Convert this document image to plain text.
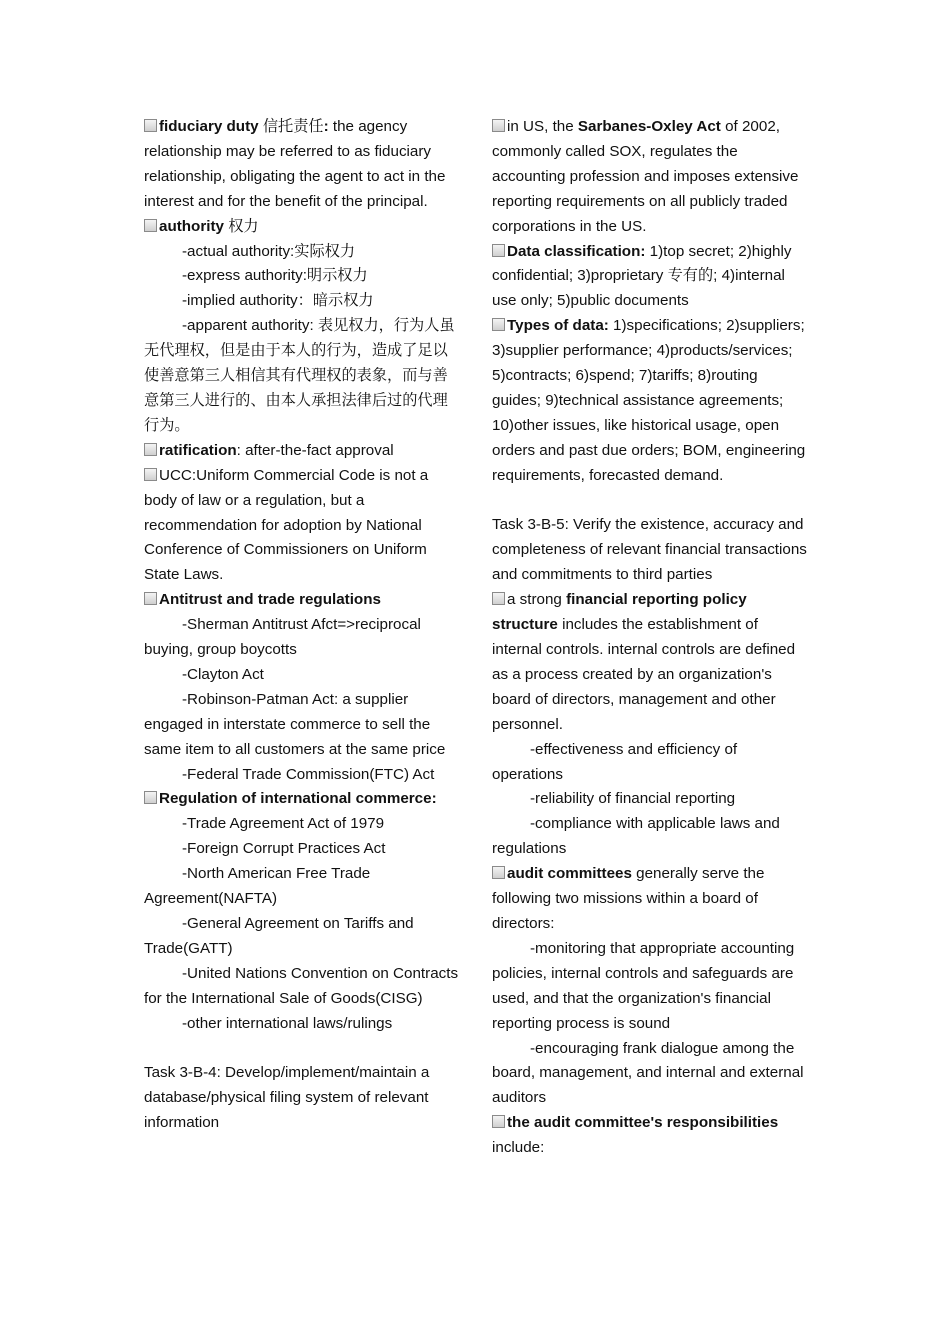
fiduciary duty 信托责任: the agency relationship may be referred to as fiduciary relationship, obligating the agent to act in the interest and for the benefit of the principal.

authority 权力

-actual authority:实际权力

-express authority:明示权力

-implied authority：暗示权力

-apparent authority: 表见权力，行为人虽无代理权，但是由于本人的行为，造成了足以使善意第三人相信其有代理权的表象，而与善意第三人进行的、由本人承担法律后过的代理行为。

ratification: after-the-fact approval

UCC:Uniform Commercial Code is not a body of law or a regulation, but a recommendation for adoption by National Conference of Commissioners on Uniform State Laws.

Antitrust and trade regulations

-Sherman Antitrust Afct=>reciprocal buying, group boycotts

-Clayton Act

-Robinson-Patman Act: a supplier engaged in interstate commerce to sell the same item to all customers at the same price

-Federal Trade Commission(FTC) Act

Regulation of international commerce:

-Trade Agreement Act of 1979

-Foreign Corrupt Practices Act

-North American Free Trade Agreement(NAFTA)

-General Agreement on Tariffs and Trade(GATT)

-United Nations Convention on Contracts for the International Sale of Goods(CISG)

-other international laws/rulings

Task 3-B-4: Develop/implement/maintain a database/physical filing system of relevant information

in US, the Sarbanes-Oxley Act of 2002, commonly called SOX, regulates the accounting profession and imposes extensive reporting requirements on all publicly traded corporations in the US.

Data classification: 1)top secret; 2)highly confidential; 3)proprietary 专有的; 4)internal use only; 5)public documents

Types of data: 1)specifications; 2)suppliers; 3)supplier performance; 4)products/services; 5)contracts; 6)spend; 7)tariffs; 8)routing guides; 9)technical assistance agreements; 10)other issues, like historical usage, open orders and past due orders; BOM, engineering requirements, forecasted demand.

Task 3-B-5: Verify the existence, accuracy and completeness of relevant financial transactions and commitments to third parties

a strong financial reporting policy structure includes the establishment of internal controls. internal controls are defined as a process created by an organization's board of directors, management and other personnel.

-effectiveness and efficiency of operations

-reliability of financial reporting

-compliance with applicable laws and regulations

audit committees generally serve the following two missions within a board of directors:

-monitoring that appropriate accounting policies, internal controls and safeguards are used, and that the organization's financial reporting process is sound

-encouraging frank dialogue among the board, management, and internal and external auditors

the audit committee's responsibilities include:
